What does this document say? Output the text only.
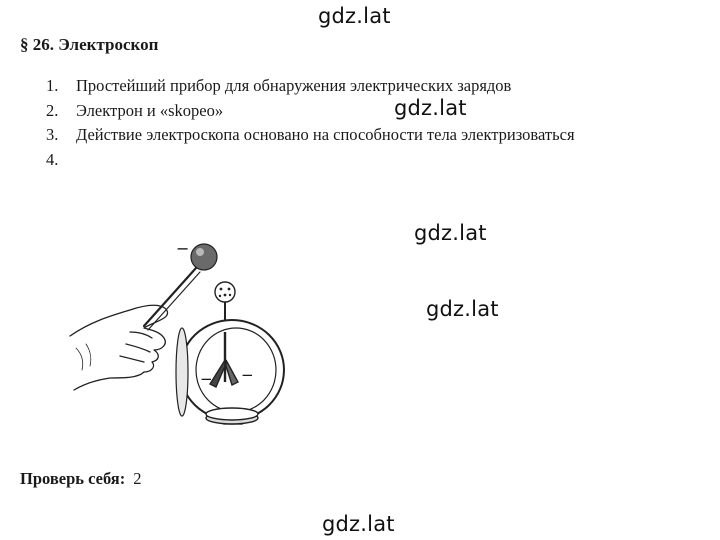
gdz.lat
§ 26. Электроскоп
1. Простейший прибор для обнаружения электрических зарядов
2. Электрон и «skopeo»
3. Действие электроскопа основано на способности тела электризоваться
4.
gdz.lat
gdz.lat
gdz.lat
−
− −
Проверь себя: 2
gdz.lat
